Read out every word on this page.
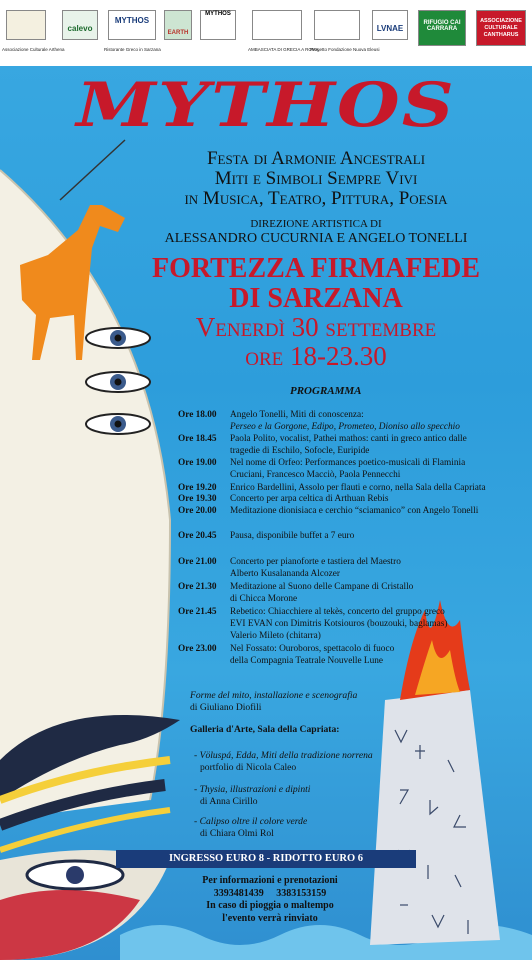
Associazione Culturale Arthena
calevo
MYTHOS
Ristorante Greco in Sarzana
EARTH
MYTHOS
AMBASCIATA DI GRECIA A ROMA
Progetto Fondazione Nuova Eleusi
LVNAE
RIFUGIO CAI CARRARA
ASSOCIAZIONE CULTURALE CANTHARUS
MYTHOS
Festa di Armonie Ancestrali
Miti e Simboli Sempre Vivi
in Musica, Teatro, Pittura, Poesia
DIREZIONE ARTISTICA DI
ALESSANDRO CUCURNIA E ANGELO TONELLI
FORTEZZA FIRMAFEDE
DI SARZANA
Venerdì 30 settembre
ore 18-23.30
PROGRAMMA
Ore 18.00	Angelo Tonelli, Miti di conoscenza:
Perseo e la Gorgone, Edipo, Prometeo, Dioniso allo specchio
Ore 18.45	Paola Polito, vocalist, Pathei mathos: canti in greco antico dalle
tragedie di Eschilo, Sofocle, Euripide
Ore 19.00	Nel nome di Orfeo: Performances poetico-musicali di Flaminia
Cruciani, Francesco Macciò, Paola Pennecchi
Ore 19.20	Enrico Bardellini, Assolo per flauti e corno, nella Sala della Capriata
Ore 19.30	Concerto per arpa celtica di Arthuan Rebis
Ore 20.00	Meditazione dionisiaca e cerchio “sciamanico” con Angelo Tonelli
Ore 20.45	Pausa, disponibile buffet a 7 euro
Ore 21.00	Concerto per pianoforte e tastiera del Maestro
Alberto Kusalananda Alcozer
Ore 21.30	Meditazione al Suono delle Campane di Cristallo
di Chicca Morone
Ore 21.45	Rebetico: Chiacchiere al tekès, concerto del gruppo greco
EVI EVAN con Dimitris Kotsiouros (bouzouki, baglamas)
Valerio Mileto (chitarra)
Ore 23.00	Nel Fossato: Ouroboros, spettacolo di fuoco
della Compagnia Teatrale Nouvelle Lune
Forme del mito, installazione e scenografia
di Giuliano Diofili
Galleria d'Arte, Sala della Capriata:
- Völuspá, Edda, Miti della tradizione norrena
portfolio di Nicola Caleo
- Thysia, illustrazioni e dipinti
di Anna Cirillo
- Calipso oltre il colore verde
di Chiara Olmi Rol
INGRESSO EURO 8 - RIDOTTO EURO 6
Per informazioni e prenotazioni
3393481439     3383153159
In caso di pioggia o maltempo
l'evento verrà rinviato
